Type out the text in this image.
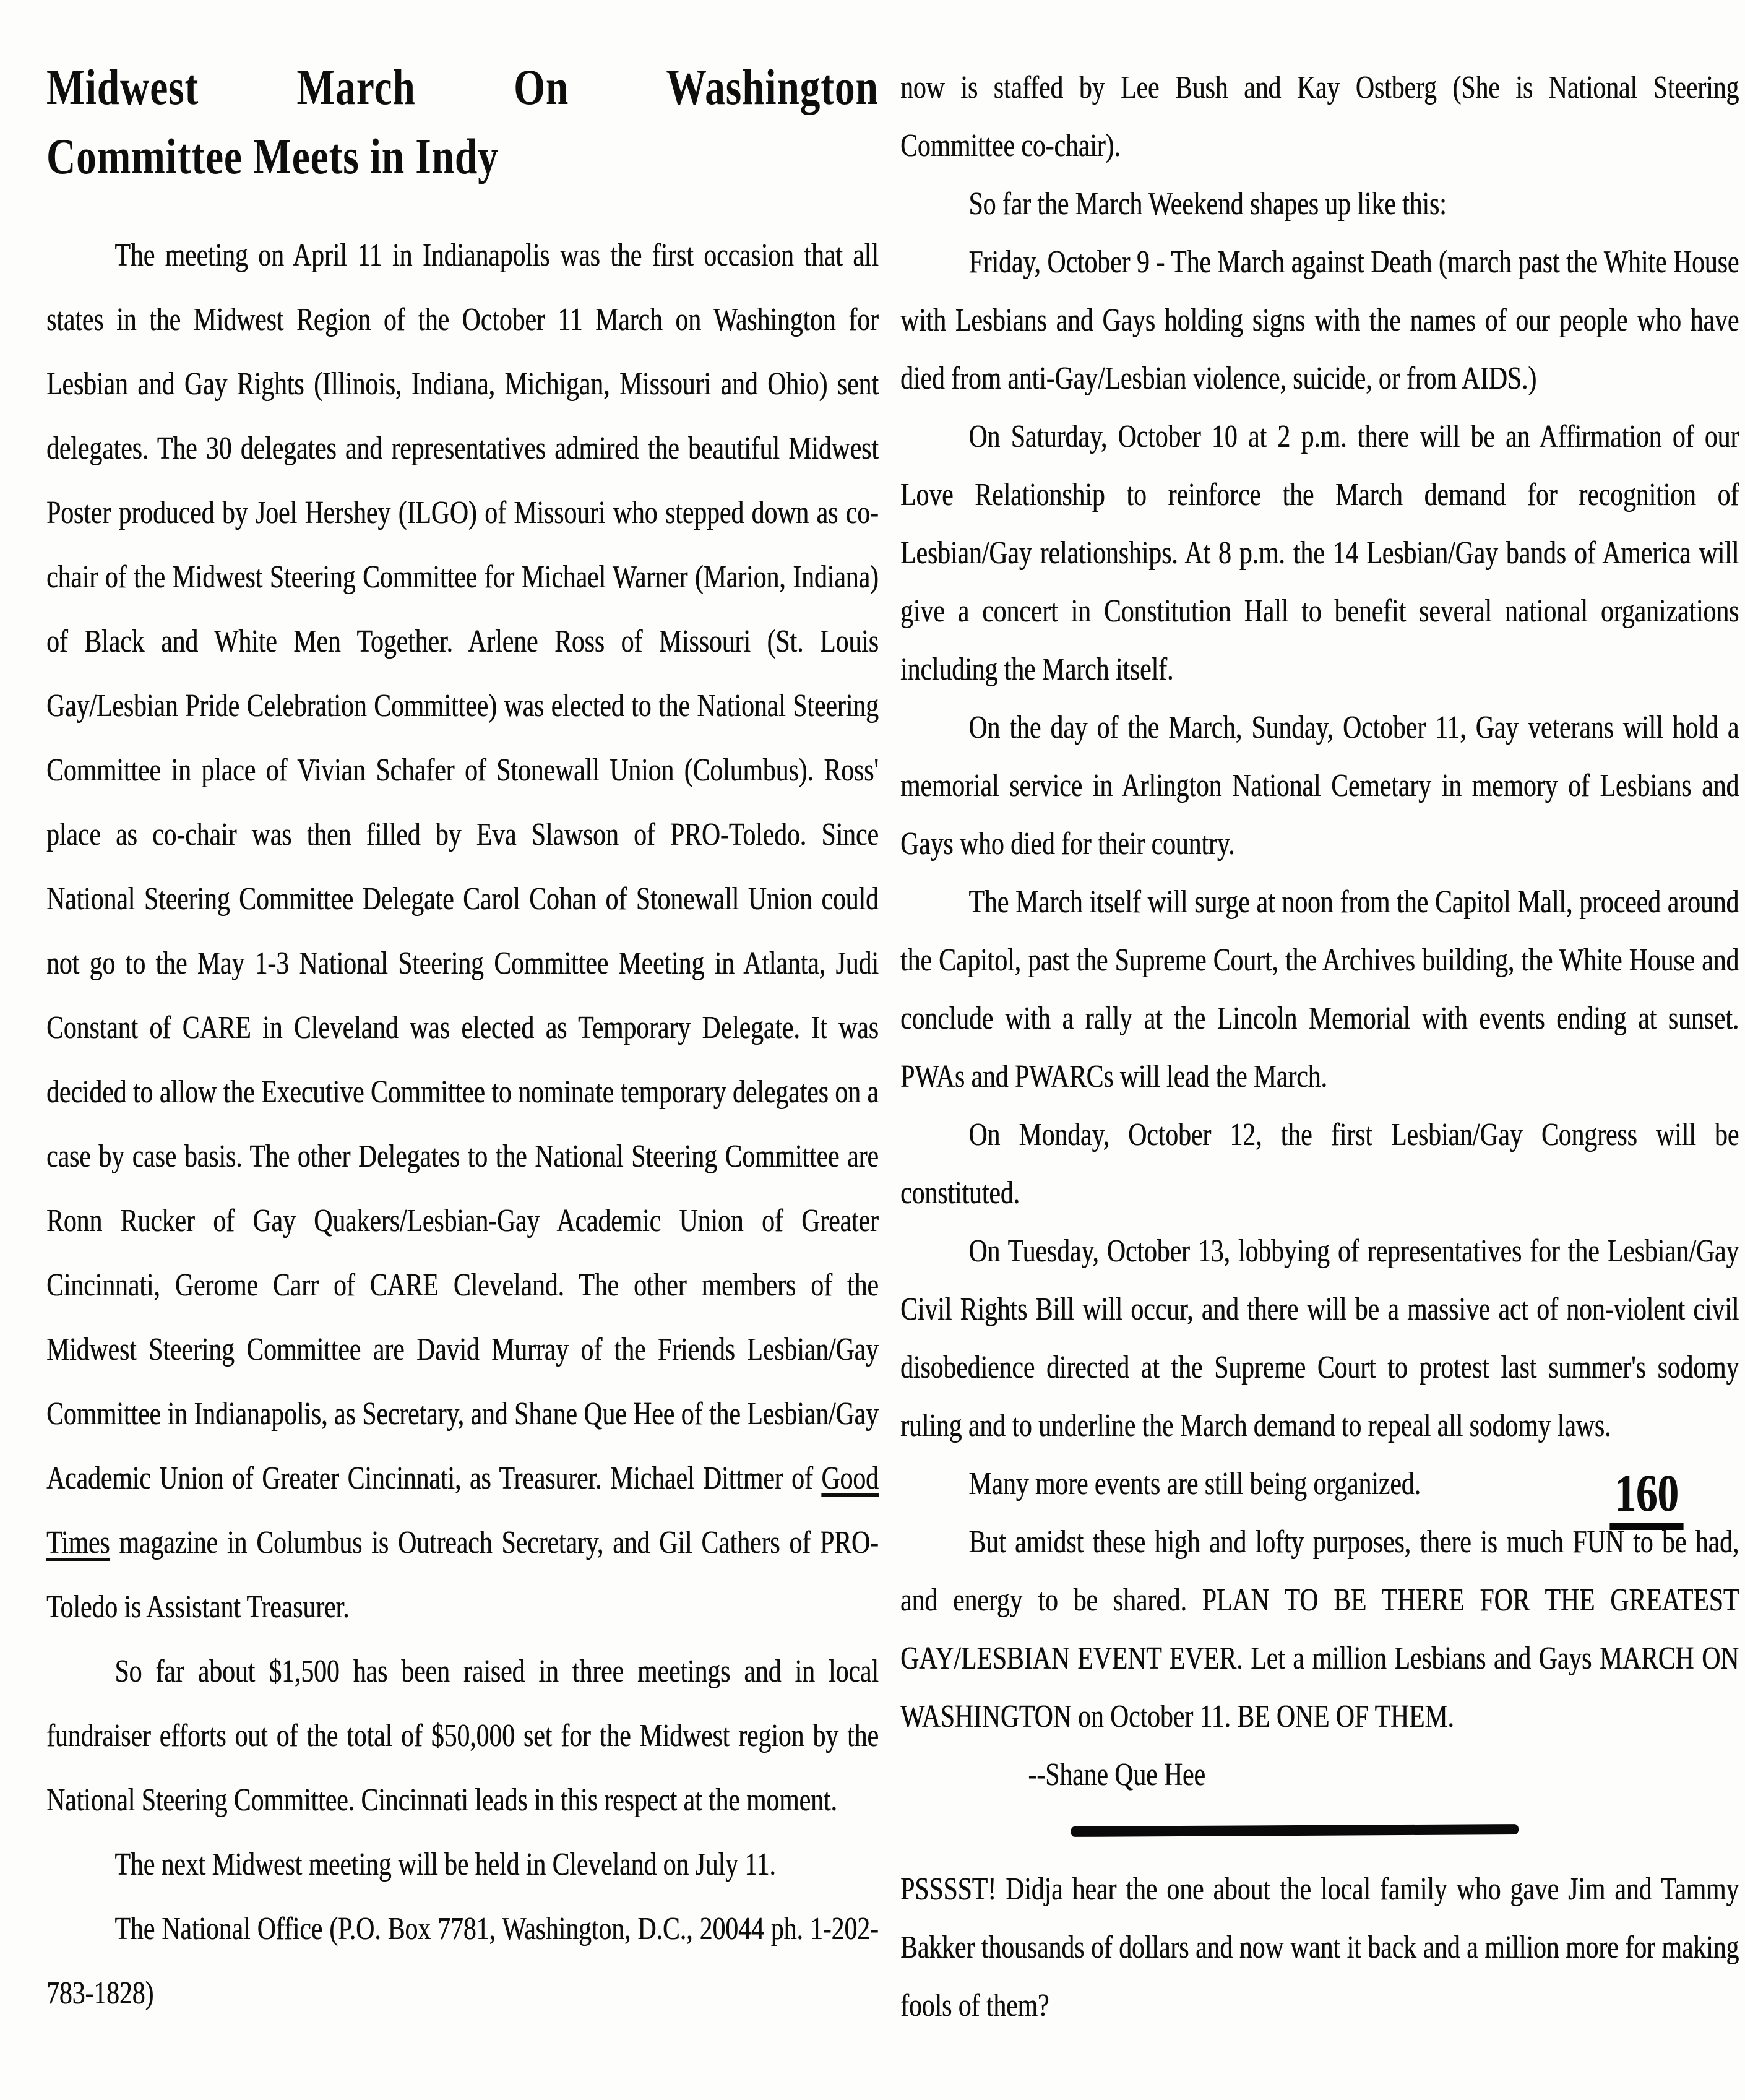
Midwest March On Washington
Committee Meets in Indy

The meeting on April 11 in Indianapolis was the first occasion that all states in the Midwest Region of the October 11 March on Washington for Lesbian and Gay Rights (Illinois, Indiana, Michigan, Missouri and Ohio) sent delegates. The 30 delegates and representatives admired the beautiful Midwest Poster produced by Joel Hershey (ILGO) of Missouri who stepped down as co-chair of the Midwest Steering Committee for Michael Warner (Marion, Indiana) of Black and White Men Together. Arlene Ross of Missouri (St. Louis Gay/Lesbian Pride Celebration Committee) was elected to the National Steering Committee in place of Vivian Schafer of Stonewall Union (Columbus). Ross' place as co-chair was then filled by Eva Slawson of PRO-Toledo. Since National Steering Committee Delegate Carol Cohan of Stonewall Union could not go to the May 1-3 National Steering Committee Meeting in Atlanta, Judi Constant of CARE in Cleveland was elected as Temporary Delegate. It was decided to allow the Executive Committee to nominate temporary delegates on a case by case basis. The other Delegates to the National Steering Committee are Ronn Rucker of Gay Quakers/Lesbian-Gay Academic Union of Greater Cincinnati, Gerome Carr of CARE Cleveland. The other members of the Midwest Steering Committee are David Murray of the Friends Lesbian/Gay Committee in Indianapolis, as Secretary, and Shane Que Hee of the Lesbian/Gay Academic Union of Greater Cincinnati, as Treasurer. Michael Dittmer of Good Times magazine in Columbus is Outreach Secretary, and Gil Cathers of PRO-Toledo is Assistant Treasurer.

So far about $1,500 has been raised in three meetings and in local fundraiser efforts out of the total of $50,000 set for the Midwest region by the National Steering Committee. Cincinnati leads in this respect at the moment.

The next Midwest meeting will be held in Cleveland on July 11.

The National Office (P.O. Box 7781, Washington, D.C., 20044 ph. 1-202-783-1828)

now is staffed by Lee Bush and Kay Ostberg (She is National Steering Committee co-chair).

So far the March Weekend shapes up like this:

Friday, October 9 - The March against Death (march past the White House with Lesbians and Gays holding signs with the names of our people who have died from anti-Gay/Lesbian violence, suicide, or from AIDS.)

On Saturday, October 10 at 2 p.m. there will be an Affirmation of our Love Relationship to reinforce the March demand for recognition of Lesbian/Gay relationships. At 8 p.m. the 14 Lesbian/Gay bands of America will give a concert in Constitution Hall to benefit several national organizations including the March itself.

On the day of the March, Sunday, October 11, Gay veterans will hold a memorial service in Arlington National Cemetary in memory of Lesbians and Gays who died for their country.

The March itself will surge at noon from the Capitol Mall, proceed around the Capitol, past the Supreme Court, the Archives building, the White House and conclude with a rally at the Lincoln Memorial with events ending at sunset. PWAs and PWARCs will lead the March.

On Monday, October 12, the first Lesbian/Gay Congress will be constituted.

On Tuesday, October 13, lobbying of representatives for the Lesbian/Gay Civil Rights Bill will occur, and there will be a massive act of non-violent civil disobedience directed at the Supreme Court to protest last summer's sodomy ruling and to underline the March demand to repeal all sodomy laws.

Many more events are still being organized.

But amidst these high and lofty purposes, there is much FUN to be had, and energy to be shared. PLAN TO BE THERE FOR THE GREATEST GAY/LESBIAN EVENT EVER. Let a million Lesbians and Gays MARCH ON WASHINGTON on October 11. BE ONE OF THEM.

--Shane Que Hee

160

PSSSST! Didja hear the one about the local family who gave Jim and Tammy Bakker thousands of dollars and now want it back and a million more for making fools of them?
